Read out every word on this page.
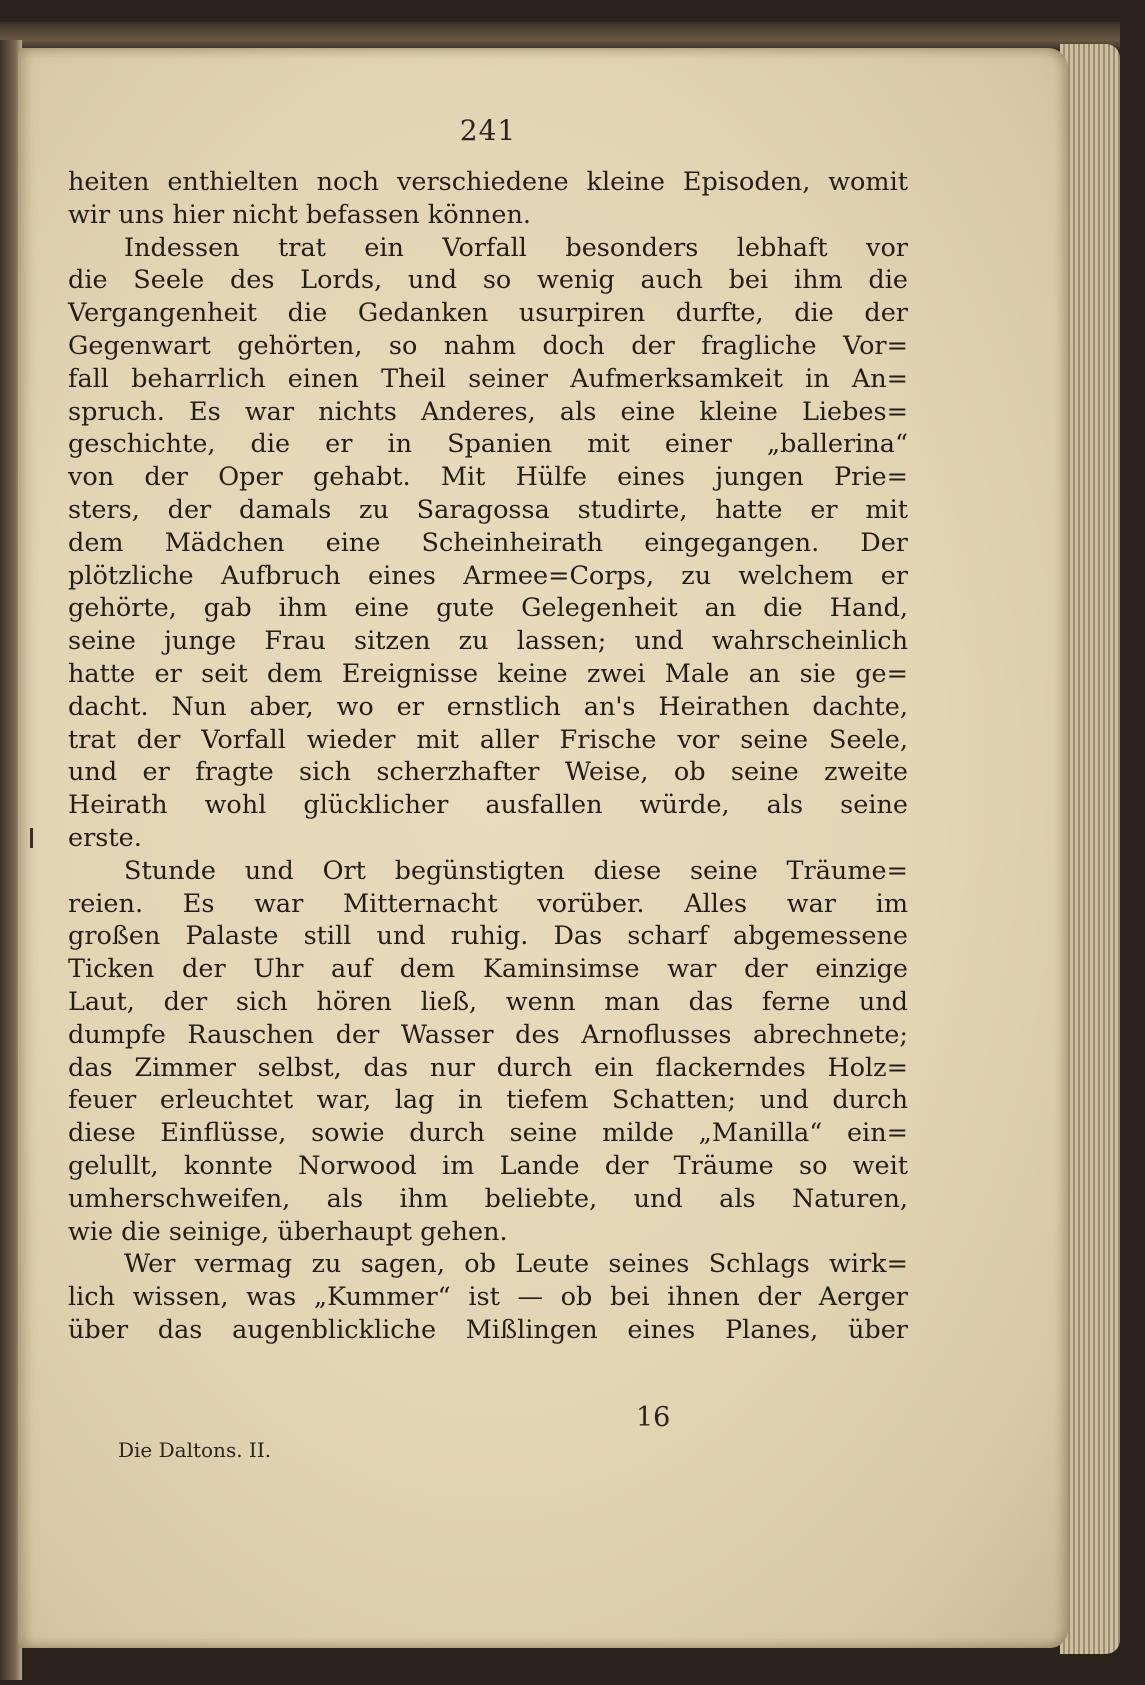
241
heiten enthielten noch verschiedene kleine Episoden, womit
wir uns hier nicht befassen können.
Indessen trat ein Vorfall besonders lebhaft vor
die Seele des Lords, und so wenig auch bei ihm die
Vergangenheit die Gedanken usurpiren durfte, die der
Gegenwart gehörten, so nahm doch der fragliche Vor=
fall beharrlich einen Theil seiner Aufmerksamkeit in An=
spruch. Es war nichts Anderes, als eine kleine Liebes=
geschichte, die er in Spanien mit einer „ballerina“
von der Oper gehabt. Mit Hülfe eines jungen Prie=
sters, der damals zu Saragossa studirte, hatte er mit
dem Mädchen eine Scheinheirath eingegangen. Der
plötzliche Aufbruch eines Armee=Corps, zu welchem er
gehörte, gab ihm eine gute Gelegenheit an die Hand,
seine junge Frau sitzen zu lassen; und wahrscheinlich
hatte er seit dem Ereignisse keine zwei Male an sie ge=
dacht. Nun aber, wo er ernstlich an's Heirathen dachte,
trat der Vorfall wieder mit aller Frische vor seine Seele,
und er fragte sich scherzhafter Weise, ob seine zweite
Heirath wohl glücklicher ausfallen würde, als seine
erste.
Stunde und Ort begünstigten diese seine Träume=
reien. Es war Mitternacht vorüber. Alles war im
großen Palaste still und ruhig. Das scharf abgemessene
Ticken der Uhr auf dem Kaminsimse war der einzige
Laut, der sich hören ließ, wenn man das ferne und
dumpfe Rauschen der Wasser des Arnoflusses abrechnete;
das Zimmer selbst, das nur durch ein flackerndes Holz=
feuer erleuchtet war, lag in tiefem Schatten; und durch
diese Einflüsse, sowie durch seine milde „Manilla“ ein=
gelullt, konnte Norwood im Lande der Träume so weit
umherschweifen, als ihm beliebte, und als Naturen,
wie die seinige, überhaupt gehen.
Wer vermag zu sagen, ob Leute seines Schlags wirk=
lich wissen, was „Kummer“ ist — ob bei ihnen der Aerger
über das augenblickliche Mißlingen eines Planes, über
16
Die Daltons. II.
